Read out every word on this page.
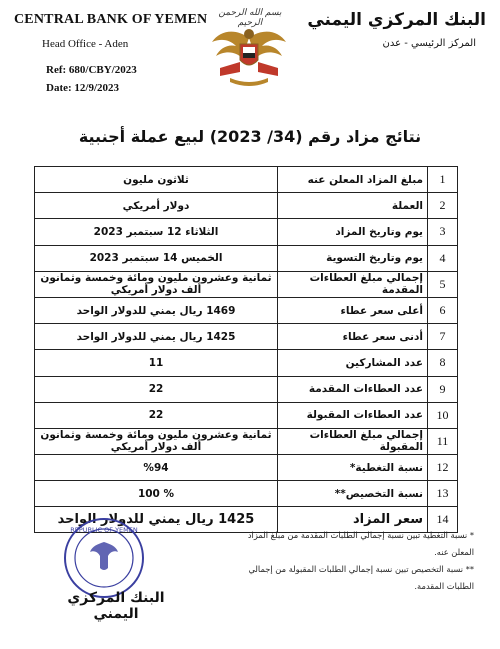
CENTRAL BANK OF YEMEN
Head Office - Aden
Ref: 680/CBY/2023
Date: 12/9/2023
بسم الله الرحمن الرحيم	البنك المركزي اليمني
المركز الرئيسي - عدن
نتائج مزاد رقم (34/ 2023) لبيع عملة أجنبية
1	مبلغ المزاد المعلن عنه	ثلاثون مليون
2	العملة	دولار أمريكي
3	يوم وتاريخ المزاد	الثلاثاء 12 سبتمبر 2023
4	يوم وتاريخ التسوية	الخميس 14 سبتمبر 2023
5	إجمالي مبلغ العطاءات المقدمة	ثمانية وعشرون مليون ومائة وخمسة وثمانون ألف دولار أمريكي
6	أعلى سعر عطاء	1469 ريال يمني للدولار الواحد
7	أدنى سعر عطاء	1425 ريال يمني للدولار الواحد
8	عدد المشاركين	11
9	عدد العطاءات المقدمة	22
10	عدد العطاءات المقبولة	22
11	إجمالي مبلغ العطاءات المقبولة	ثمانية وعشرون مليون ومائة وخمسة وثمانون ألف دولار أمريكي
12	نسبة التغطية*	%94
13	نسبة التخصيص**	% 100
14	سعر المزاد	1425 ريال يمني للدولار الواحد
* نسبة التغطية تبين نسبة إجمالي الطلبات المقدمة من مبلغ المزاد المعلن عنه.
** نسبة التخصيص تبين نسبة إجمالي الطلبات المقبولة من إجمالي الطلبات المقدمة.
REPUBLIC OF YEMEN
البنك المركزي اليمني
